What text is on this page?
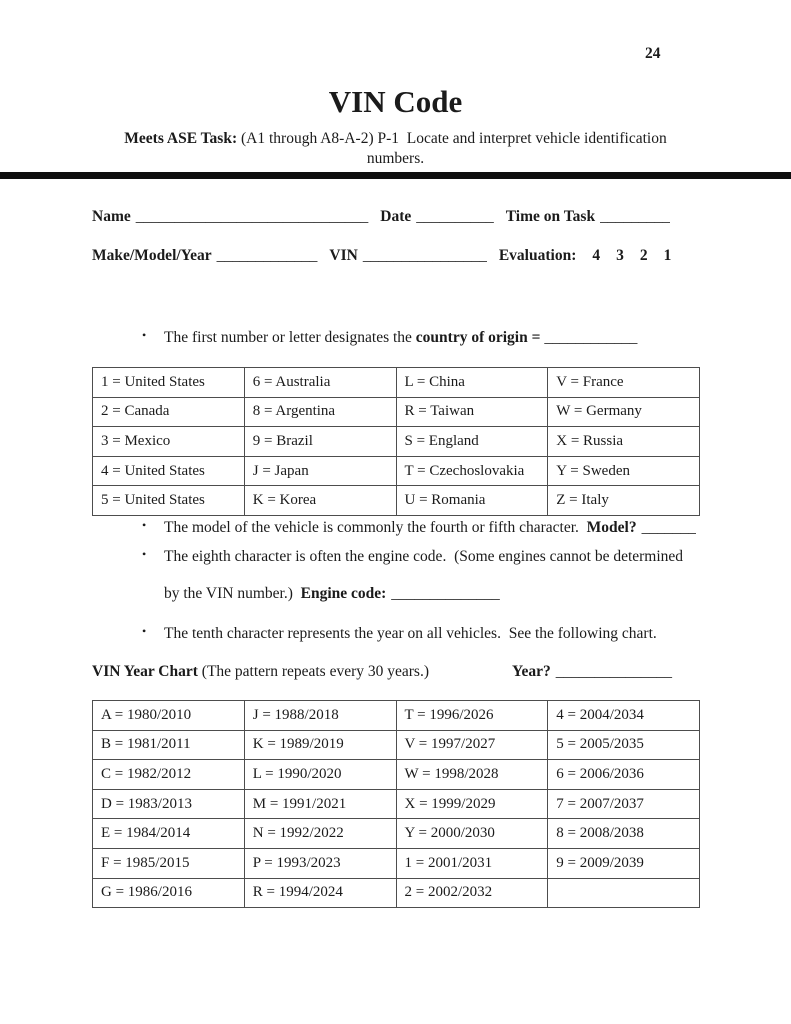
24
VIN Code
Meets ASE Task: (A1 through A8-A-2) P-1  Locate and interpret vehicle identification
numbers.
Name ______________________________ Date __________ Time on Task _________
Make/Model/Year _____________ VIN ________________ Evaluation: 4 3 2 1
•The first number or letter designates the country of origin = ____________
1 = United States	6 = Australia	L = China	V = France
2 = Canada	8 = Argentina	R = Taiwan	W = Germany
3 = Mexico	9 = Brazil	S = England	X = Russia
4 = United States	J = Japan	T = Czechoslovakia	Y = Sweden
5 = United States	K = Korea	U = Romania	Z = Italy
•The model of the vehicle is commonly the fourth or fifth character.  Model? _______
•The eighth character is often the engine code.  (Some engines cannot be determined
by the VIN number.)  Engine code: ______________
•The tenth character represents the year on all vehicles.  See the following chart.
VIN Year Chart (The pattern repeats every 30 years.)	Year? _______________
A = 1980/2010	J = 1988/2018	T = 1996/2026	4 = 2004/2034
B = 1981/2011	K = 1989/2019	V = 1997/2027	5 = 2005/2035
C = 1982/2012	L = 1990/2020	W = 1998/2028	6 = 2006/2036
D = 1983/2013	M = 1991/2021	X = 1999/2029	7 = 2007/2037
E = 1984/2014	N = 1992/2022	Y = 2000/2030	8 = 2008/2038
F = 1985/2015	P = 1993/2023	1 = 2001/2031	9 = 2009/2039
G = 1986/2016	R = 1994/2024	2 = 2002/2032	
